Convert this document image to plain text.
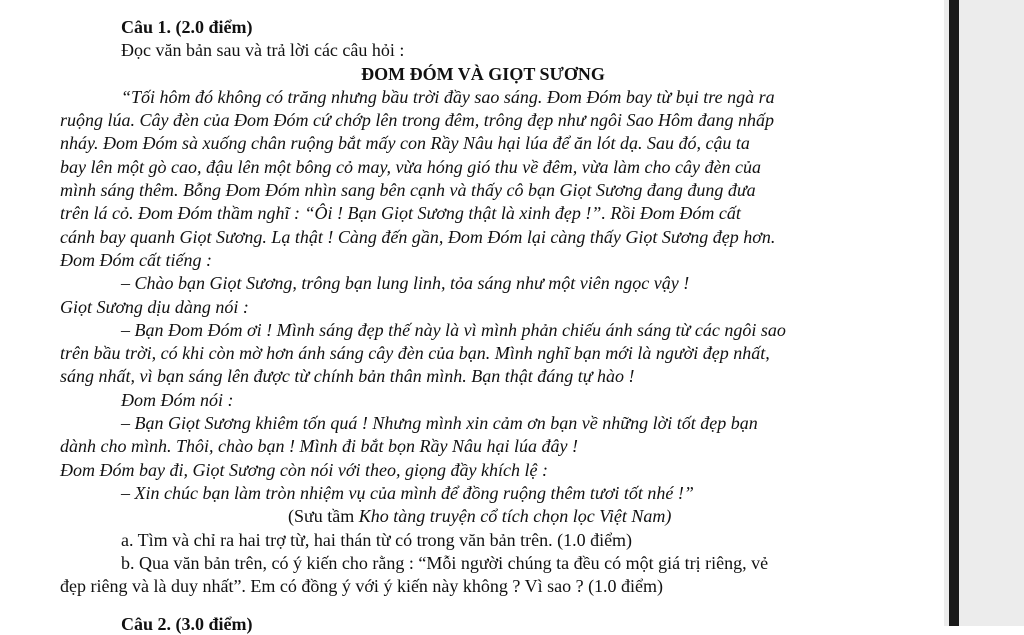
Câu 1. (2.0 điểm)

Đọc văn bản sau và trả lời các câu hỏi :

ĐOM ĐÓM VÀ GIỌT SƯƠNG

“Tối hôm đó không có trăng nhưng bầu trời đầy sao sáng. Đom Đóm bay từ bụi tre ngà ra

ruộng lúa. Cây đèn của Đom Đóm cứ chớp lên trong đêm, trông đẹp như ngôi Sao Hôm đang nhấp

nháy. Đom Đóm sà xuống chân ruộng bắt mấy con Rầy Nâu hại lúa để ăn lót dạ. Sau đó, cậu ta

bay lên một gò cao, đậu lên một bông cỏ may, vừa hóng gió thu về đêm, vừa làm cho cây đèn của

mình sáng thêm. Bỗng Đom Đóm nhìn sang bên cạnh và thấy cô bạn Giọt Sương đang đung đưa

trên lá cỏ. Đom Đóm thầm nghĩ : “Ôi ! Bạn Giọt Sương thật là xinh đẹp !”. Rồi Đom Đóm cất

cánh bay quanh Giọt Sương. Lạ thật ! Càng đến gần, Đom Đóm lại càng thấy Giọt Sương đẹp hơn.

Đom Đóm cất tiếng :

– Chào bạn Giọt Sương, trông bạn lung linh, tỏa sáng như một viên ngọc vậy !

Giọt Sương dịu dàng nói :

– Bạn Đom Đóm ơi ! Mình sáng đẹp thế này là vì mình phản chiếu ánh sáng từ các ngôi sao

trên bầu trời, có khi còn mờ hơn ánh sáng cây đèn của bạn. Mình nghĩ bạn mới là người đẹp nhất,

sáng nhất, vì bạn sáng lên được từ chính bản thân mình. Bạn thật đáng tự hào !

Đom Đóm nói :

– Bạn Giọt Sương khiêm tốn quá ! Nhưng mình xin cảm ơn bạn về những lời tốt đẹp bạn

dành cho mình. Thôi, chào bạn ! Mình đi bắt bọn Rầy Nâu hại lúa đây !

Đom Đóm bay đi, Giọt Sương còn nói với theo, giọng đầy khích lệ :

– Xin chúc bạn làm tròn nhiệm vụ của mình để đồng ruộng thêm tươi tốt nhé !”

(Sưu tầm Kho tàng truyện cổ tích chọn lọc Việt Nam)

a. Tìm và chỉ ra hai trợ từ, hai thán từ có trong văn bản trên. (1.0 điểm)

b. Qua văn bản trên, có ý kiến cho rằng : “Mỗi người chúng ta đều có một giá trị riêng, vẻ

đẹp riêng và là duy nhất”. Em có đồng ý với ý kiến này không ? Vì sao ? (1.0 điểm)

Câu 2. (3.0 điểm)
